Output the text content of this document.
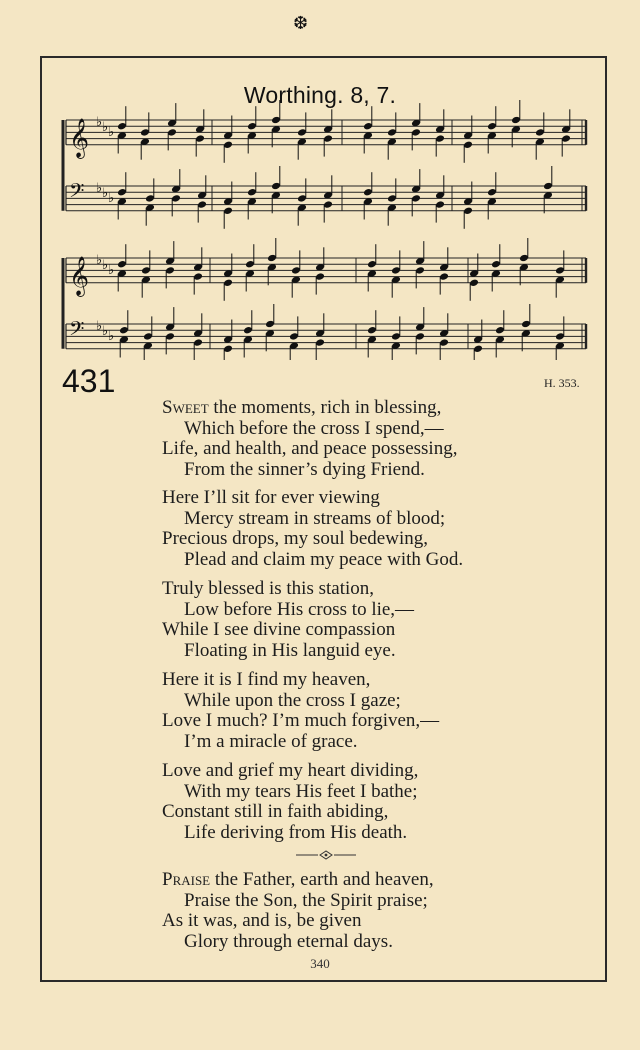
❆
Worthing. 8, 7.
𝄞 ♭ ♭ ♭
𝄢 ♭ ♭ ♭
𝄞 ♭ ♭ ♭
𝄢 ♭ ♭ ♭
431	H. 353.
Sweet the moments, rich in blessing,
Which before the cross I spend,—
Life, and health, and peace possessing,
From the sinner’s dying Friend.
Here I’ll sit for ever viewing
Mercy stream in streams of blood;
Precious drops, my soul bedewing,
Plead and claim my peace with God.
Truly blessed is this station,
Low before His cross to lie,—
While I see divine compassion
Floating in His languid eye.
Here it is I find my heaven,
While upon the cross I gaze;
Love I much? I’m much forgiven,—
I’m a miracle of grace.
Love and grief my heart dividing,
With my tears His feet I bathe;
Constant still in faith abiding,
Life deriving from His death.
Praise the Father, earth and heaven,
Praise the Son, the Spirit praise;
As it was, and is, be given
Glory through eternal days.
340
